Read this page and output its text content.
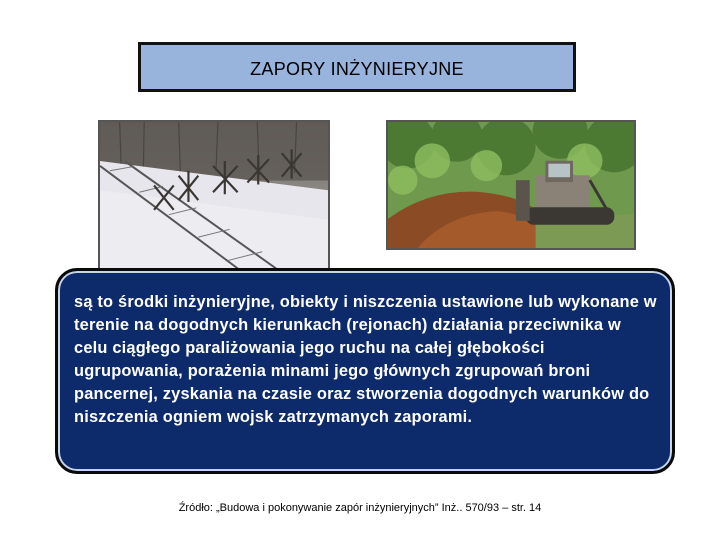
ZAPORY INŻYNIERYJNE

są to środki inżynieryjne, obiekty i niszczenia ustawione lub wykonane w terenie na dogodnych kierunkach (rejonach) działania przeciwnika w celu ciągłego paraliżowania jego ruchu na całej głębokości ugrupowania, porażenia minami jego głównych zgrupowań broni pancernej, zyskania na czasie oraz stworzenia dogodnych warunków do niszczenia ogniem wojsk zatrzymanych zaporami.

Źródło: „Budowa i pokonywanie zapór inżynieryjnych” Inż.. 570/93 – str. 14
